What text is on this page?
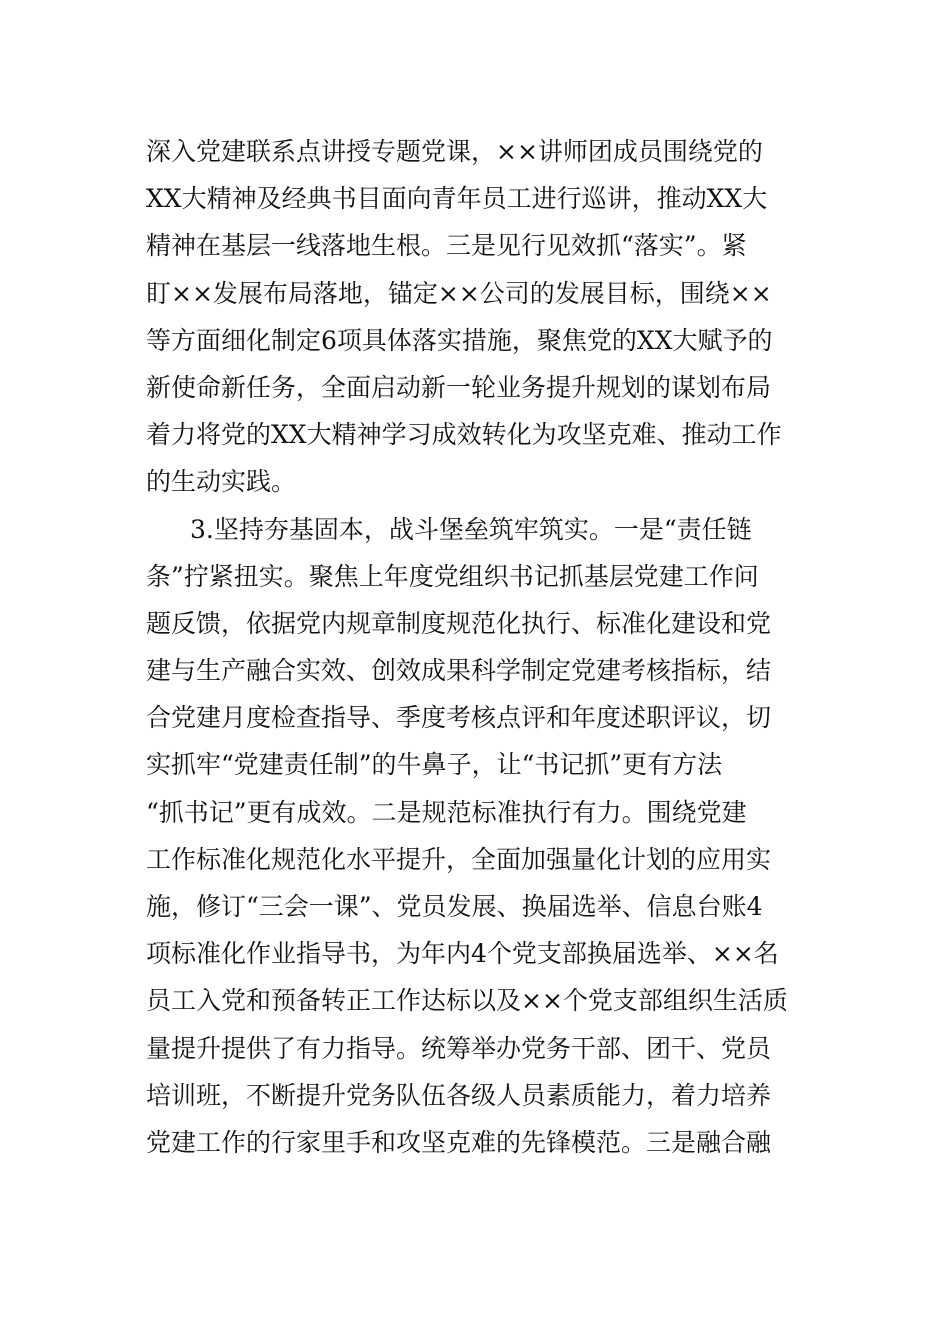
深入党建联系点讲授专题党课，××讲师团成员围绕党的
XX大精神及经典书目面向青年员工进行巡讲，推动XX大
精神在基层一线落地生根。三是见行见效抓“落实”。紧
盯××发展布局落地，锚定××公司的发展目标，围绕××
等方面细化制定6项具体落实措施，聚焦党的XX大赋予的
新使命新任务，全面启动新一轮业务提升规划的谋划布局
着力将党的XX大精神学习成效转化为攻坚克难、推动工作
的生动实践。
3.坚持夯基固本，战斗堡垒筑牢筑实。一是“责任链
条”拧紧扭实。聚焦上年度党组织书记抓基层党建工作问
题反馈，依据党内规章制度规范化执行、标准化建设和党
建与生产融合实效、创效成果科学制定党建考核指标，结
合党建月度检查指导、季度考核点评和年度述职评议，切
实抓牢“党建责任制”的牛鼻子，让“书记抓”更有方法
“抓书记”更有成效。二是规范标准执行有力。围绕党建
工作标准化规范化水平提升，全面加强量化计划的应用实
施，修订“三会一课”、党员发展、换届选举、信息台账4
项标准化作业指导书，为年内4个党支部换届选举、××名
员工入党和预备转正工作达标以及××个党支部组织生活质
量提升提供了有力指导。统筹举办党务干部、团干、党员
培训班，不断提升党务队伍各级人员素质能力，着力培养
党建工作的行家里手和攻坚克难的先锋模范。三是融合融
